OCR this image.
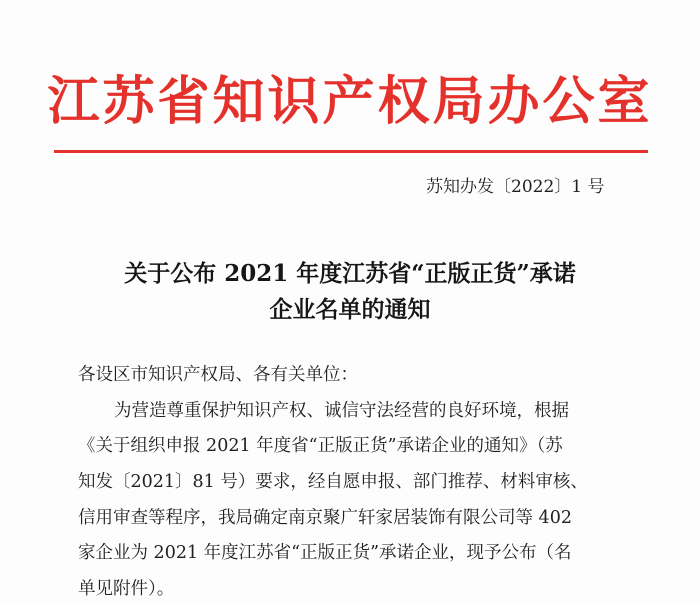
江苏省知识产权局办公室
苏知办发〔2022〕1 号
关于公布 2021 年度江苏省“正版正货”承诺
企业名单的通知
各设区市知识产权局、各有关单位：
为营造尊重保护知识产权、诚信守法经营的良好环境，根据
《关于组织申报 2021 年度省“正版正货”承诺企业的通知》（苏
知发〔2021〕81 号）要求，经自愿申报、部门推荐、材料审核、
信用审查等程序，我局确定南京聚广轩家居装饰有限公司等 402
家企业为 2021 年度江苏省“正版正货”承诺企业，现予公布（名
单见附件）。
